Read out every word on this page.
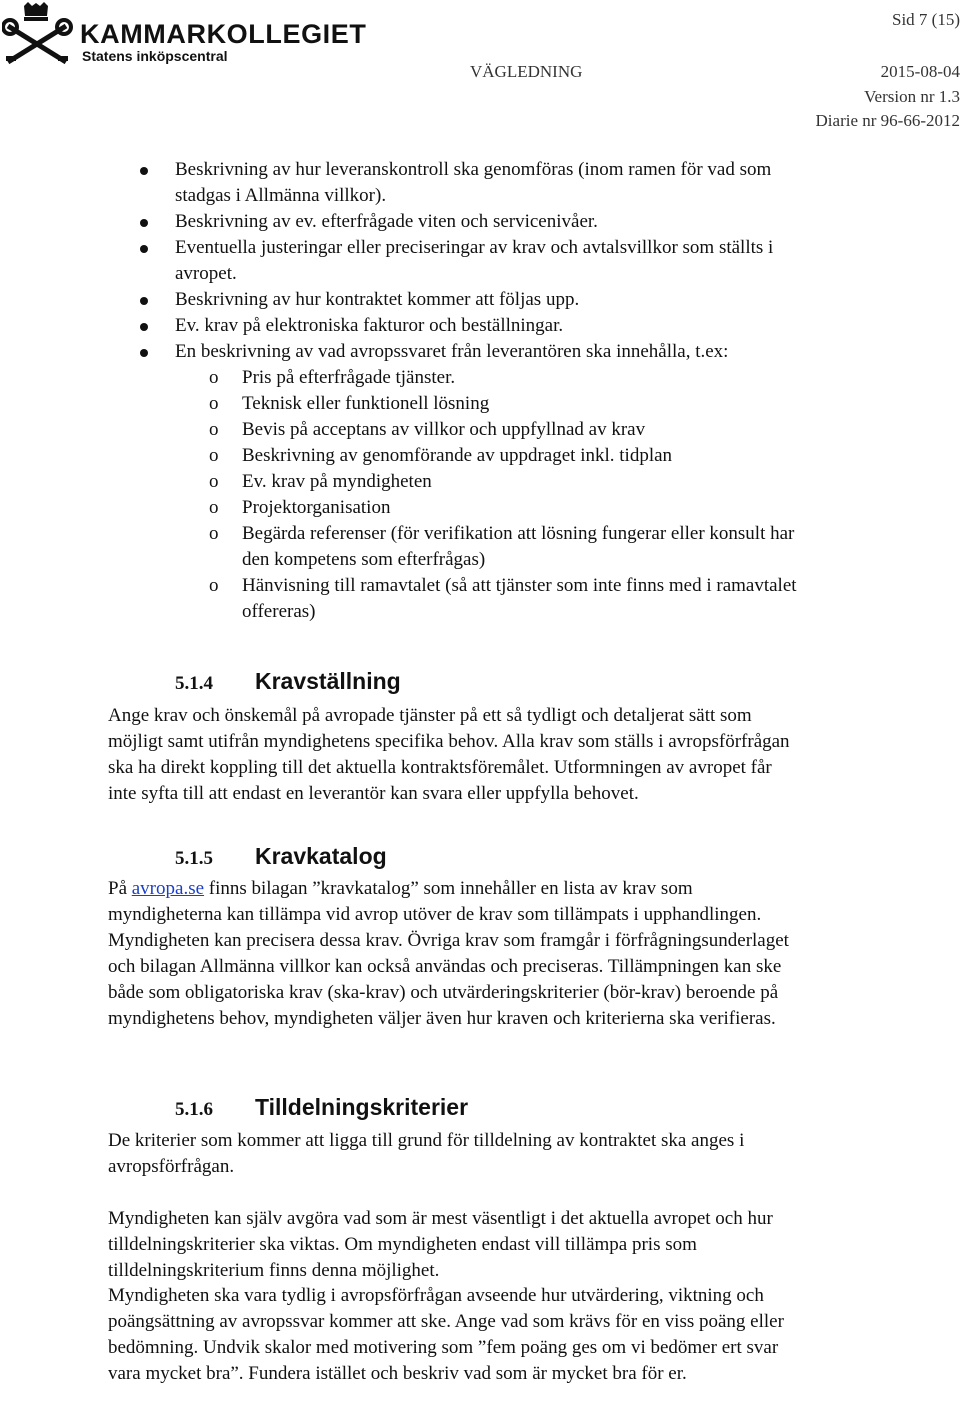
KAMMARKOLLEGIET
Statens inköpscentral
Sid 7 (15)
VÄGLEDNING	2015-08-04
Version nr 1.3
Diarie nr 96-66-2012
Beskrivning av hur leveranskontroll ska genomföras (inom ramen för vad som stadgas i Allmänna villkor).
Beskrivning av ev. efterfrågade viten och servicenivåer.
Eventuella justeringar eller preciseringar av krav och avtalsvillkor som ställts i avropet.
Beskrivning av hur kontraktet kommer att följas upp.
Ev. krav på elektroniska fakturor och beställningar.
En beskrivning av vad avropssvaret från leverantören ska innehålla, t.ex:
o Pris på efterfrågade tjänster.
o Teknisk eller funktionell lösning
o Bevis på acceptans av villkor och uppfyllnad av krav
o Beskrivning av genomförande av uppdraget inkl. tidplan
o Ev. krav på myndigheten
o Projektorganisation
o Begärda referenser (för verifikation att lösning fungerar eller konsult har den kompetens som efterfrågas)
o Hänvisning till ramavtalet (så att tjänster som inte finns med i ramavtalet offereras)
5.1.4 Kravställning

Ange krav och önskemål på avropade tjänster på ett så tydligt och detaljerat sätt som möjligt samt utifrån myndighetens specifika behov. Alla krav som ställs i avropsförfrågan ska ha direkt koppling till det aktuella kontraktsföremålet. Utformningen av avropet får inte syfta till att endast en leverantör kan svara eller uppfylla behovet.

5.1.5 Kravkatalog

På avropa.se finns bilagan ”kravkatalog” som innehåller en lista av krav som myndigheterna kan tillämpa vid avrop utöver de krav som tillämpats i upphandlingen. Myndigheten kan precisera dessa krav. Övriga krav som framgår i förfrågningsunderlaget och bilagan Allmänna villkor kan också användas och preciseras. Tillämpningen kan ske både som obligatoriska krav (ska-krav) och utvärderingskriterier (bör-krav) beroende på myndighetens behov, myndigheten väljer även hur kraven och kriterierna ska verifieras.

5.1.6 Tilldelningskriterier

De kriterier som kommer att ligga till grund för tilldelning av kontraktet ska anges i avropsförfrågan.

Myndigheten kan själv avgöra vad som är mest väsentligt i det aktuella avropet och hur tilldelningskriterier ska viktas. Om myndigheten endast vill tillämpa pris som tilldelningskriterium finns denna möjlighet.

Myndigheten ska vara tydlig i avropsförfrågan avseende hur utvärdering, viktning och poängsättning av avropssvar kommer att ske. Ange vad som krävs för en viss poäng eller bedömning. Undvik skalor med motivering som ”fem poäng ges om vi bedömer ert svar vara mycket bra”. Fundera istället och beskriv vad som är mycket bra för er.
